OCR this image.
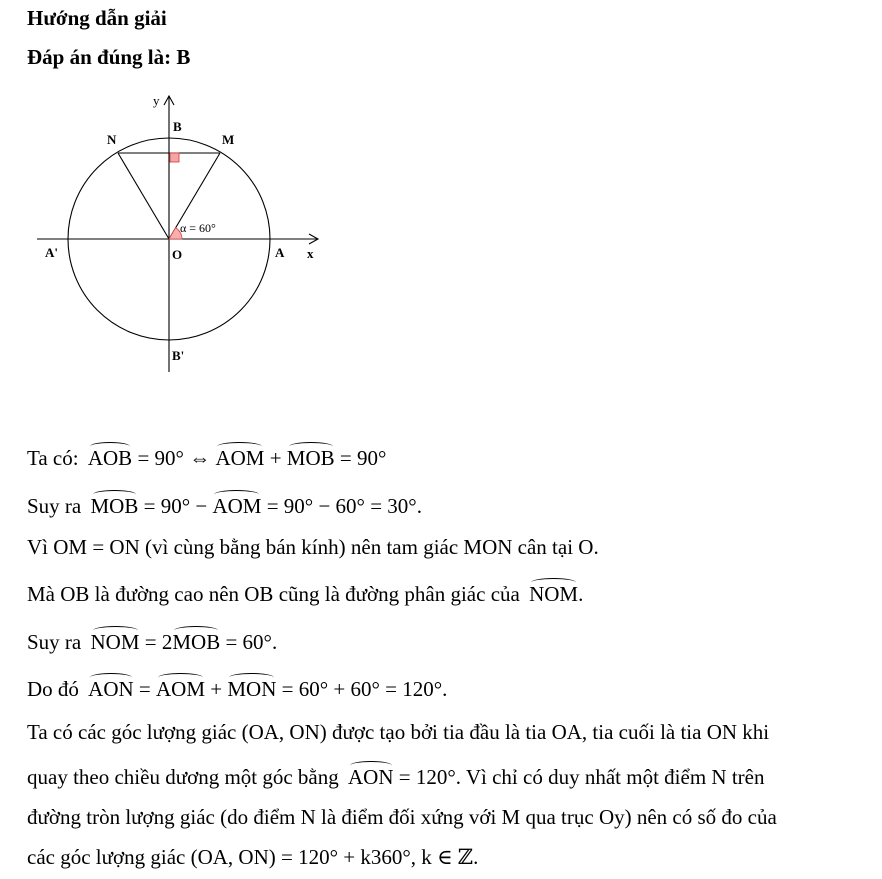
Hướng dẫn giải
Đáp án đúng là: B
α = 60°
y
x
O	A
A'
B
B'
M
N
Ta có: AOB = 90° ⇔ AOM + MOB = 90°
Suy ra MOB = 90° − AOM = 90° − 60° = 30°.
Vì OM = ON (vì cùng bằng bán kính) nên tam giác MON cân tại O.
Mà OB là đường cao nên OB cũng là đường phân giác của NOM.
Suy ra NOM = 2MOB = 60°.
Do đó AON = AOM + MON = 60° + 60° = 120°.
Ta có các góc lượng giác (OA, ON) được tạo bởi tia đầu là tia OA, tia cuối là tia ON khi
quay theo chiều dương một góc bằng AON = 120°. Vì chỉ có duy nhất một điểm N trên
đường tròn lượng giác (do điểm N là điểm đối xứng với M qua trục Oy) nên có số đo của
các góc lượng giác (OA, ON) = 120° + k360°, k ∈ ℤ.
